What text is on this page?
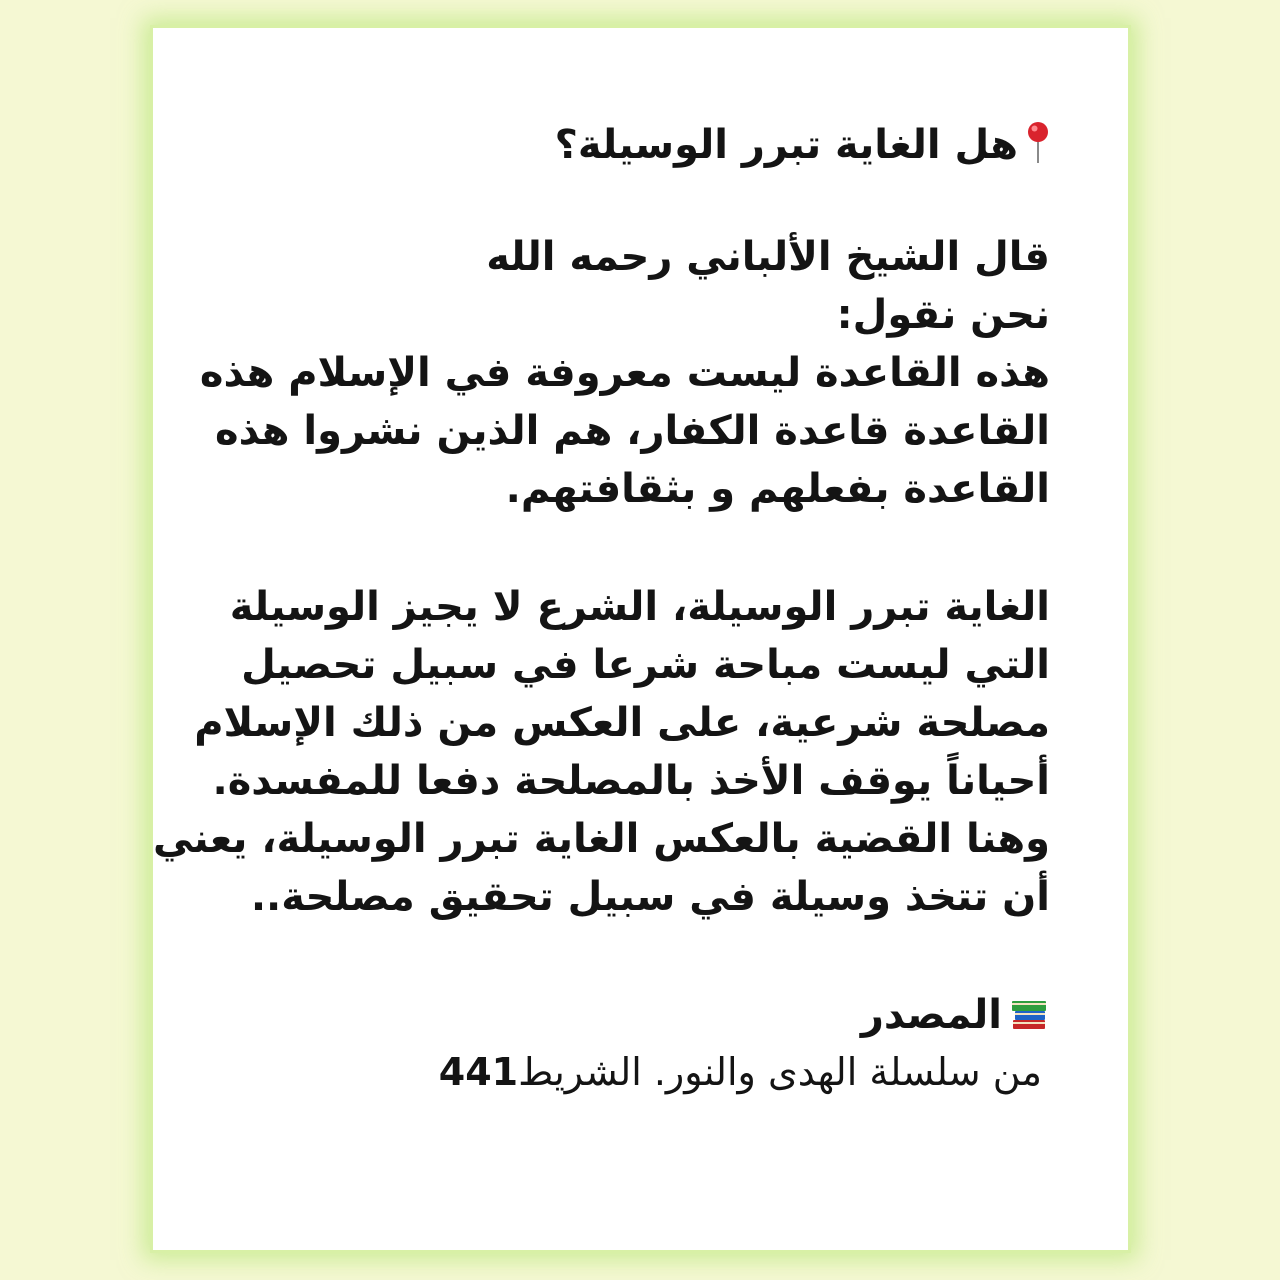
هل الغاية تبرر الوسيلة؟
قال الشيخ الألباني رحمه الله
نحن نقول:
هذه القاعدة ليست معروفة في الإسلام هذه
القاعدة قاعدة الكفار، هم الذين نشروا هذه
القاعدة بفعلهم و بثقافتهم.
الغاية تبرر الوسيلة، الشرع لا يجيز الوسيلة
التي ليست مباحة شرعا في سبيل تحصيل
مصلحة شرعية، على العكس من ذلك الإسلام
أحياناً يوقف الأخذ بالمصلحة دفعا للمفسدة.
وهنا القضية بالعكس الغاية تبرر الوسيلة، يعني
أن تتخذ وسيلة في سبيل تحقيق مصلحة..
المصدر
من سلسلة الهدى والنور. الشريط441
